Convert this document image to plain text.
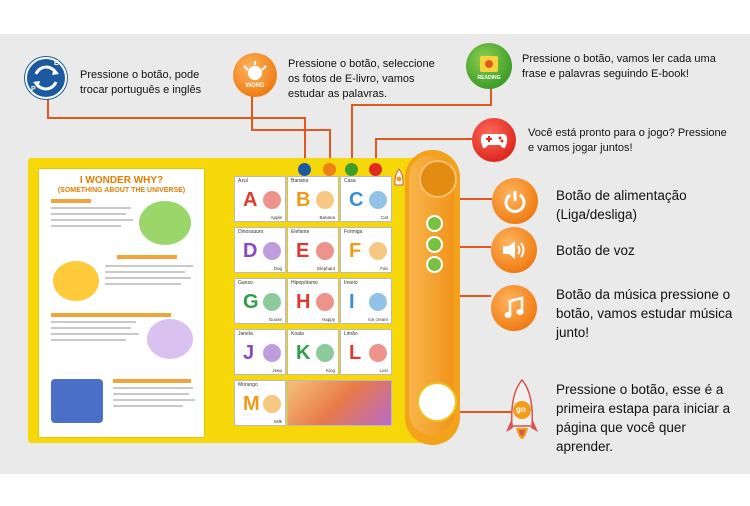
E
P
Pressione o botão, pode trocar português e inglês	WORD
Pressione o botão, seleccione os fotos de E-livro, vamos estudar as palavras.
READING
Pressione o botão, vamos ler cada uma frase e palavras seguindo E-book!
Você está pronto para o jogo? Pressione e vamos jogar juntos!
Botão de alimentação (Liga/desliga)
Botão de voz
Botão da música pressione o botão, vamos estudar música junto!
go
Pressione o botão, esse é a primeira estapa para iniciar a página que você quer aprender.
I WONDER WHY?
(SOMETHING ABOUT THE UNIVERSE)
Azul
A
Apple
Banana
B
Banana
Casa
C
Cat
Dinossauro
D
Dog
Elefante
E
Elephant
Formiga
F
Fan
Ganso
G
Goose
Hipopótamo
H
Happy
Inseto
I
Ice cream
Janela
J
Jeep
Koala
K
King
Limão
L
Lion
Morango
M
Milk
